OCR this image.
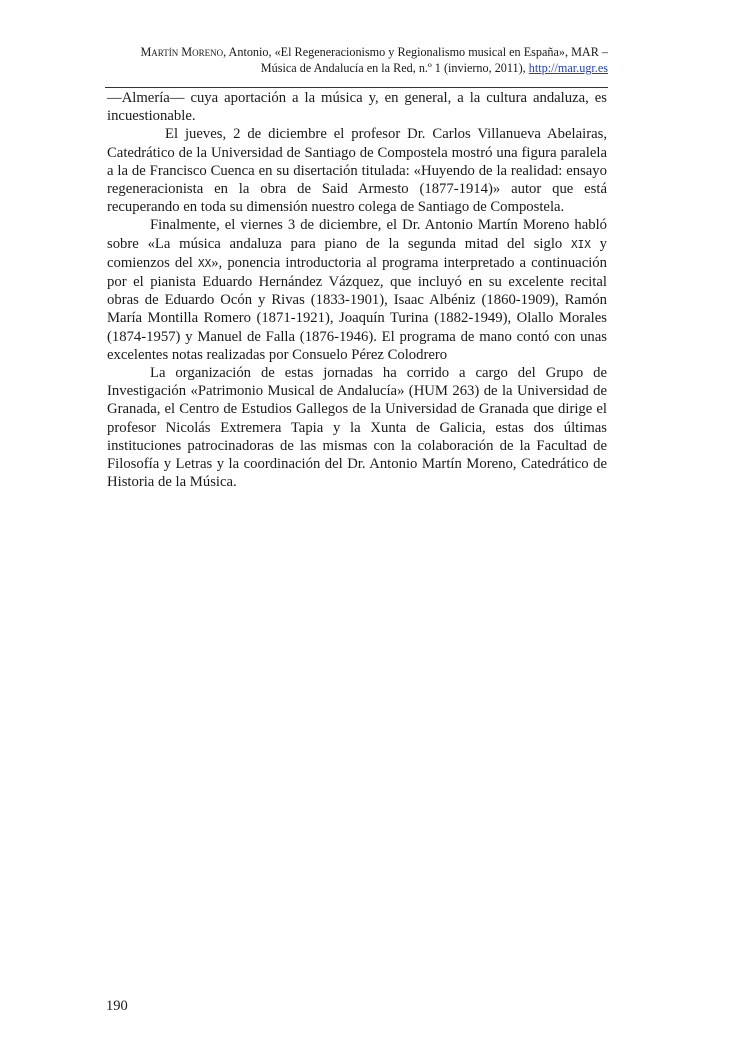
Martín Moreno, Antonio, «El Regeneracionismo y Regionalismo musical en España», MAR –
Música de Andalucía en la Red, n.º 1 (invierno, 2011), http://mar.ugr.es

—Almería— cuya aportación a la música y, en general, a la cultura andaluza, es incuestionable.

El jueves, 2 de diciembre el profesor Dr. Carlos Villanueva Abelairas, Catedrático de la Universidad de Santiago de Compostela mostró una figura paralela a la de Francisco Cuenca en su disertación titulada: «Huyendo de la realidad: ensayo regeneracionista en la obra de Said Armesto (1877-1914)» autor que está recuperando en toda su dimensión nuestro colega de Santiago de Compostela.

Finalmente, el viernes 3 de diciembre, el Dr. Antonio Martín Moreno habló sobre «La música andaluza para piano de la segunda mitad del siglo XIX y comienzos del XX», ponencia introductoria al programa interpretado a continuación por el pianista Eduardo Hernández Vázquez, que incluyó en su excelente recital obras de Eduardo Ocón y Rivas (1833-1901), Isaac Albéniz (1860-1909), Ramón María Montilla Romero (1871-1921), Joaquín Turina (1882-1949), Olallo Morales (1874-1957) y Manuel de Falla (1876-1946). El programa de mano contó con unas excelentes notas realizadas por Consuelo Pérez Colodrero

La organización de estas jornadas ha corrido a cargo del Grupo de Investigación «Patrimonio Musical de Andalucía» (HUM 263) de la Universidad de Granada, el Centro de Estudios Gallegos de la Universidad de Granada que dirige el profesor Nicolás Extremera Tapia y la Xunta de Galicia, estas dos últimas instituciones patrocinadoras de las mismas con la colaboración de la Facultad de Filosofía y Letras y la coordinación del Dr. Antonio Martín Moreno, Catedrático de Historia de la Música.

190
